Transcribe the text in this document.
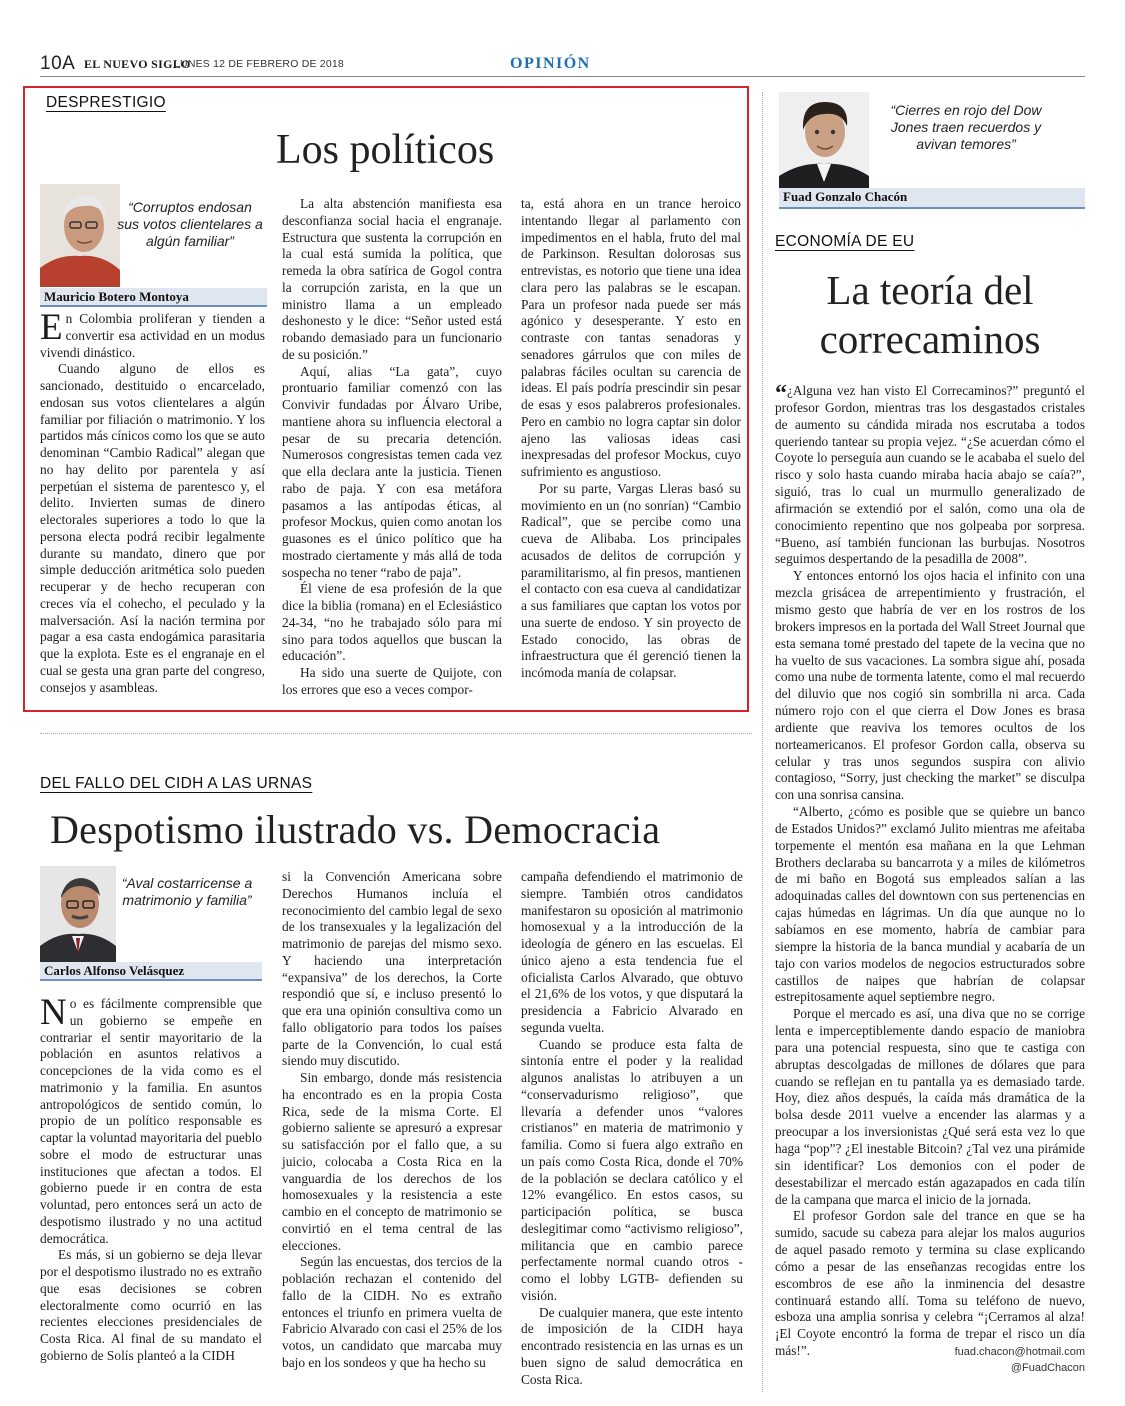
10A EL NUEVO SIGLO
LUNES 12 DE FEBRERO DE 2018	OPINIÓN
DESPRESTIGIO
Los políticos
“Corruptos endosan sus votos clientelares a algún familiar”
Mauricio Botero Montoya

En Colombia proliferan y tienden a convertir esa actividad en un modus vivendi dinástico.

Cuando alguno de ellos es sancionado, destituido o encarcelado, endosan sus votos clientelares a algún familiar por filiación o matrimonio. Y los partidos más cínicos como los que se auto denominan “Cambio Radical” alegan que no hay delito por parentela y así perpetúan el sistema de parentesco y, el delito. Invierten sumas de dinero electorales superiores a todo lo que la persona electa podrá recibir legalmente durante su mandato, dinero que por simple deducción aritmética solo pueden recuperar y de hecho recuperan con creces vía el cohecho, el peculado y la malversación. Así la nación termina por pagar a esa casta endogámica parasitaria que la explota. Este es el engranaje en el cual se gesta una gran parte del congreso, consejos y asambleas.

La alta abstención manifiesta esa desconfianza social hacia el engranaje. Estructura que sustenta la corrupción en la cual está sumida la política, que remeda la obra satírica de Gogol contra la corrupción zarista, en la que un ministro llama a un empleado deshonesto y le dice: “Señor usted está robando demasiado para un funcionario de su posición.”

Aquí, alias “La gata”, cuyo prontuario familiar comenzó con las Convivir fundadas por Álvaro Uribe, mantiene ahora su influencia electoral a pesar de su precaria detención. Numerosos congresistas temen cada vez que ella declara ante la justicia. Tienen rabo de paja. Y con esa metáfora pasamos a las antípodas éticas, al profesor Mockus, quien como anotan los guasones es el único político que ha mostrado ciertamente y más allá de toda sospecha no tener “rabo de paja”.

Él viene de esa profesión de la que dice la biblia (romana) en el Eclesiástico 24-34, “no he trabajado sólo para mí sino para todos aquellos que buscan la educación”.

Ha sido una suerte de Quijote, con los errores que eso a veces compor-

ta, está ahora en un trance heroico intentando llegar al parlamento con impedimentos en el habla, fruto del mal de Parkinson. Resultan dolorosas sus entrevistas, es notorio que tiene una idea clara pero las palabras se le escapan. Para un profesor nada puede ser más agónico y desesperante. Y esto en contraste con tantas senadoras y senadores gárrulos que con miles de palabras fáciles ocultan su carencia de ideas. El país podría prescindir sin pesar de esas y esos palabreros profesionales. Pero en cambio no logra captar sin dolor ajeno las valiosas ideas casi inexpresadas del profesor Mockus, cuyo sufrimiento es angustioso.

Por su parte, Vargas Lleras basó su movimiento en un (no sonrían) “Cambio Radical”, que se percibe como una cueva de Alibaba. Los principales acusados de delitos de corrupción y paramilitarismo, al fin presos, mantienen el contacto con esa cueva al candidatizar a sus familiares que captan los votos por una suerte de endoso. Y sin proyecto de Estado conocido, las obras de infraestructura que él gerenció tienen la incómoda manía de colapsar.

DEL FALLO DEL CIDH A LAS URNAS
Despotismo ilustrado vs. Democracia
“Aval costarricense a matrimonio y familia”
Carlos Alfonso Velásquez

No es fácilmente comprensible que un gobierno se empeñe en contrariar el sentir mayoritario de la población en asuntos relativos a concepciones de la vida como es el matrimonio y la familia. En asuntos antropológicos de sentido común, lo propio de un político responsable es captar la voluntad mayoritaria del pueblo sobre el modo de estructurar unas instituciones que afectan a todos. El gobierno puede ir en contra de esta voluntad, pero entonces será un acto de despotismo ilustrado y no una actitud democrática.

Es más, si un gobierno se deja llevar por el despotismo ilustrado no es extraño que esas decisiones se cobren electoralmente como ocurrió en las recientes elecciones presidenciales de Costa Rica. Al final de su mandato el gobierno de Solís planteó a la CIDH

si la Convención Americana sobre Derechos Humanos incluía el reconocimiento del cambio legal de sexo de los transexuales y la legalización del matrimonio de parejas del mismo sexo. Y haciendo una interpretación “expansiva” de los derechos, la Corte respondió que sí, e incluso presentó lo que era una opinión consultiva como un fallo obligatorio para todos los países parte de la Convención, lo cual está siendo muy discutido.

Sin embargo, donde más resistencia ha encontrado es en la propia Costa Rica, sede de la misma Corte. El gobierno saliente se apresuró a expresar su satisfacción por el fallo que, a su juicio, colocaba a Costa Rica en la vanguardia de los derechos de los homosexuales y la resistencia a este cambio en el concepto de matrimonio se convirtió en el tema central de las elecciones.

Según las encuestas, dos tercios de la población rechazan el contenido del fallo de la CIDH. No es extraño entonces el triunfo en primera vuelta de Fabricio Alvarado con casi el 25% de los votos, un candidato que marcaba muy bajo en los sondeos y que ha hecho su

campaña defendiendo el matrimonio de siempre. También otros candidatos manifestaron su oposición al matrimonio homosexual y a la introducción de la ideología de género en las escuelas. El único ajeno a esta tendencia fue el oficialista Carlos Alvarado, que obtuvo el 21,6% de los votos, y que disputará la presidencia a Fabricio Alvarado en segunda vuelta.

Cuando se produce esta falta de sintonía entre el poder y la realidad algunos analistas lo atribuyen a un “conservadurismo religioso”, que llevaría a defender unos “valores cristianos” en materia de matrimonio y familia. Como si fuera algo extraño en un país como Costa Rica, donde el 70% de la población se declara católico y el 12% evangélico. En estos casos, su participación política, se busca deslegitimar como “activismo religioso”, militancia que en cambio parece perfectamente normal cuando otros -como el lobby LGTB- defienden su visión.

De cualquier manera, que este intento de imposición de la CIDH haya encontrado resistencia en las urnas es un buen signo de salud democrática en Costa Rica.

“Cierres en rojo del Dow Jones traen recuerdos y avivan temores”
Fuad Gonzalo Chacón
ECONOMÍA DE EU
La teoría del
correcaminos

“¿Alguna vez han visto El Correcaminos?” preguntó el profesor Gordon, mientras tras los desgastados cristales de aumento su cándida mirada nos escrutaba a todos queriendo tantear su propia vejez. “¿Se acuerdan cómo el Coyote lo perseguía aun cuando se le acababa el suelo del risco y solo hasta cuando miraba hacia abajo se caía?”, siguió, tras lo cual un murmullo generalizado de afirmación se extendió por el salón, como una ola de conocimiento repentino que nos golpeaba por sorpresa. “Bueno, así también funcionan las burbujas. Nosotros seguimos despertando de la pesadilla de 2008”.

Y entonces entornó los ojos hacia el infinito con una mezcla grisácea de arrepentimiento y frustración, el mismo gesto que habría de ver en los rostros de los brokers impresos en la portada del Wall Street Journal que esta semana tomé prestado del tapete de la vecina que no ha vuelto de sus vacaciones. La sombra sigue ahí, posada como una nube de tormenta latente, como el mal recuerdo del diluvio que nos cogió sin sombrilla ni arca. Cada número rojo con el que cierra el Dow Jones es brasa ardiente que reaviva los temores ocultos de los norteamericanos. El profesor Gordon calla, observa su celular y tras unos segundos suspira con alivio contagioso, “Sorry, just checking the market” se disculpa con una sonrisa cansina.

“Alberto, ¿cómo es posible que se quiebre un banco de Estados Unidos?” exclamó Julito mientras me afeitaba torpemente el mentón esa mañana en la que Lehman Brothers declaraba su bancarrota y a miles de kilómetros de mi baño en Bogotá sus empleados salían a las adoquinadas calles del downtown con sus pertenencias en cajas húmedas en lágrimas. Un día que aunque no lo sabíamos en ese momento, habría de cambiar para siempre la historia de la banca mundial y acabaría de un tajo con varios modelos de negocios estructurados sobre castillos de naipes que habrían de colapsar estrepitosamente aquel septiembre negro.

Porque el mercado es así, una diva que no se corrige lenta e imperceptiblemente dando espacio de maniobra para una potencial respuesta, sino que te castiga con abruptas descolgadas de millones de dólares que para cuando se reflejan en tu pantalla ya es demasiado tarde. Hoy, diez años después, la caída más dramática de la bolsa desde 2011 vuelve a encender las alarmas y a preocupar a los inversionistas ¿Qué será esta vez lo que haga “pop”? ¿El inestable Bitcoin? ¿Tal vez una pirámide sin identificar? Los demonios con el poder de desestabilizar el mercado están agazapados en cada tilín de la campana que marca el inicio de la jornada.

El profesor Gordon sale del trance en que se ha sumido, sacude su cabeza para alejar los malos augurios de aquel pasado remoto y termina su clase explicando cómo a pesar de las enseñanzas recogidas entre los escombros de ese año la inminencia del desastre continuará estando allí. Toma su teléfono de nuevo, esboza una amplia sonrisa y celebra “¡Cerramos al alza! ¡El Coyote encontró la forma de trepar el risco un día más!”.	fuad.chacon@hotmail.com
@FuadChacon
